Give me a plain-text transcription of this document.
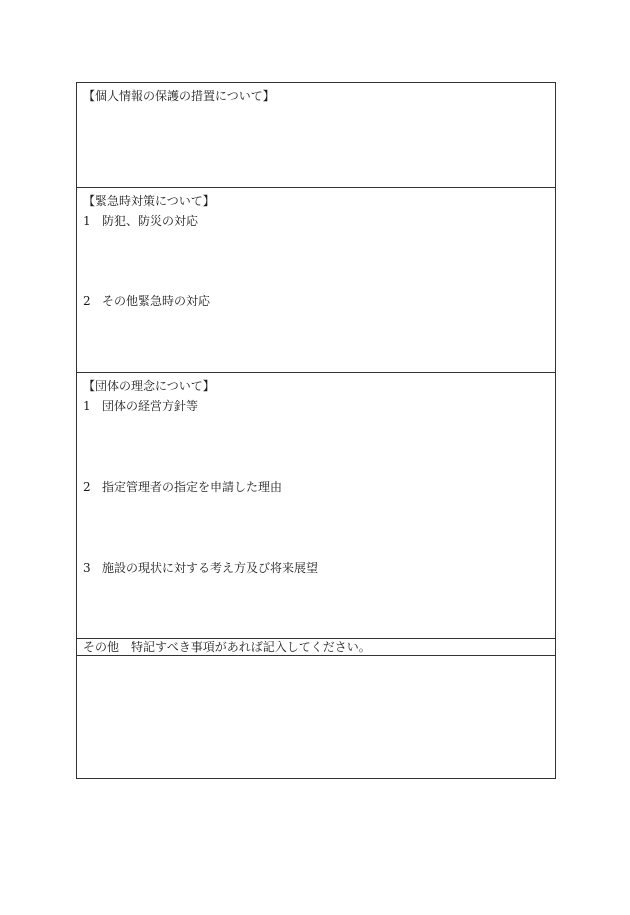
【個人情報の保護の措置について】
【緊急時対策について】
1 防犯、防災の対応
2 その他緊急時の対応
【団体の理念について】
1 団体の経営方針等
2 指定管理者の指定を申請した理由
3 施設の現状に対する考え方及び将来展望
その他　特記すべき事項があれば記入してください。
